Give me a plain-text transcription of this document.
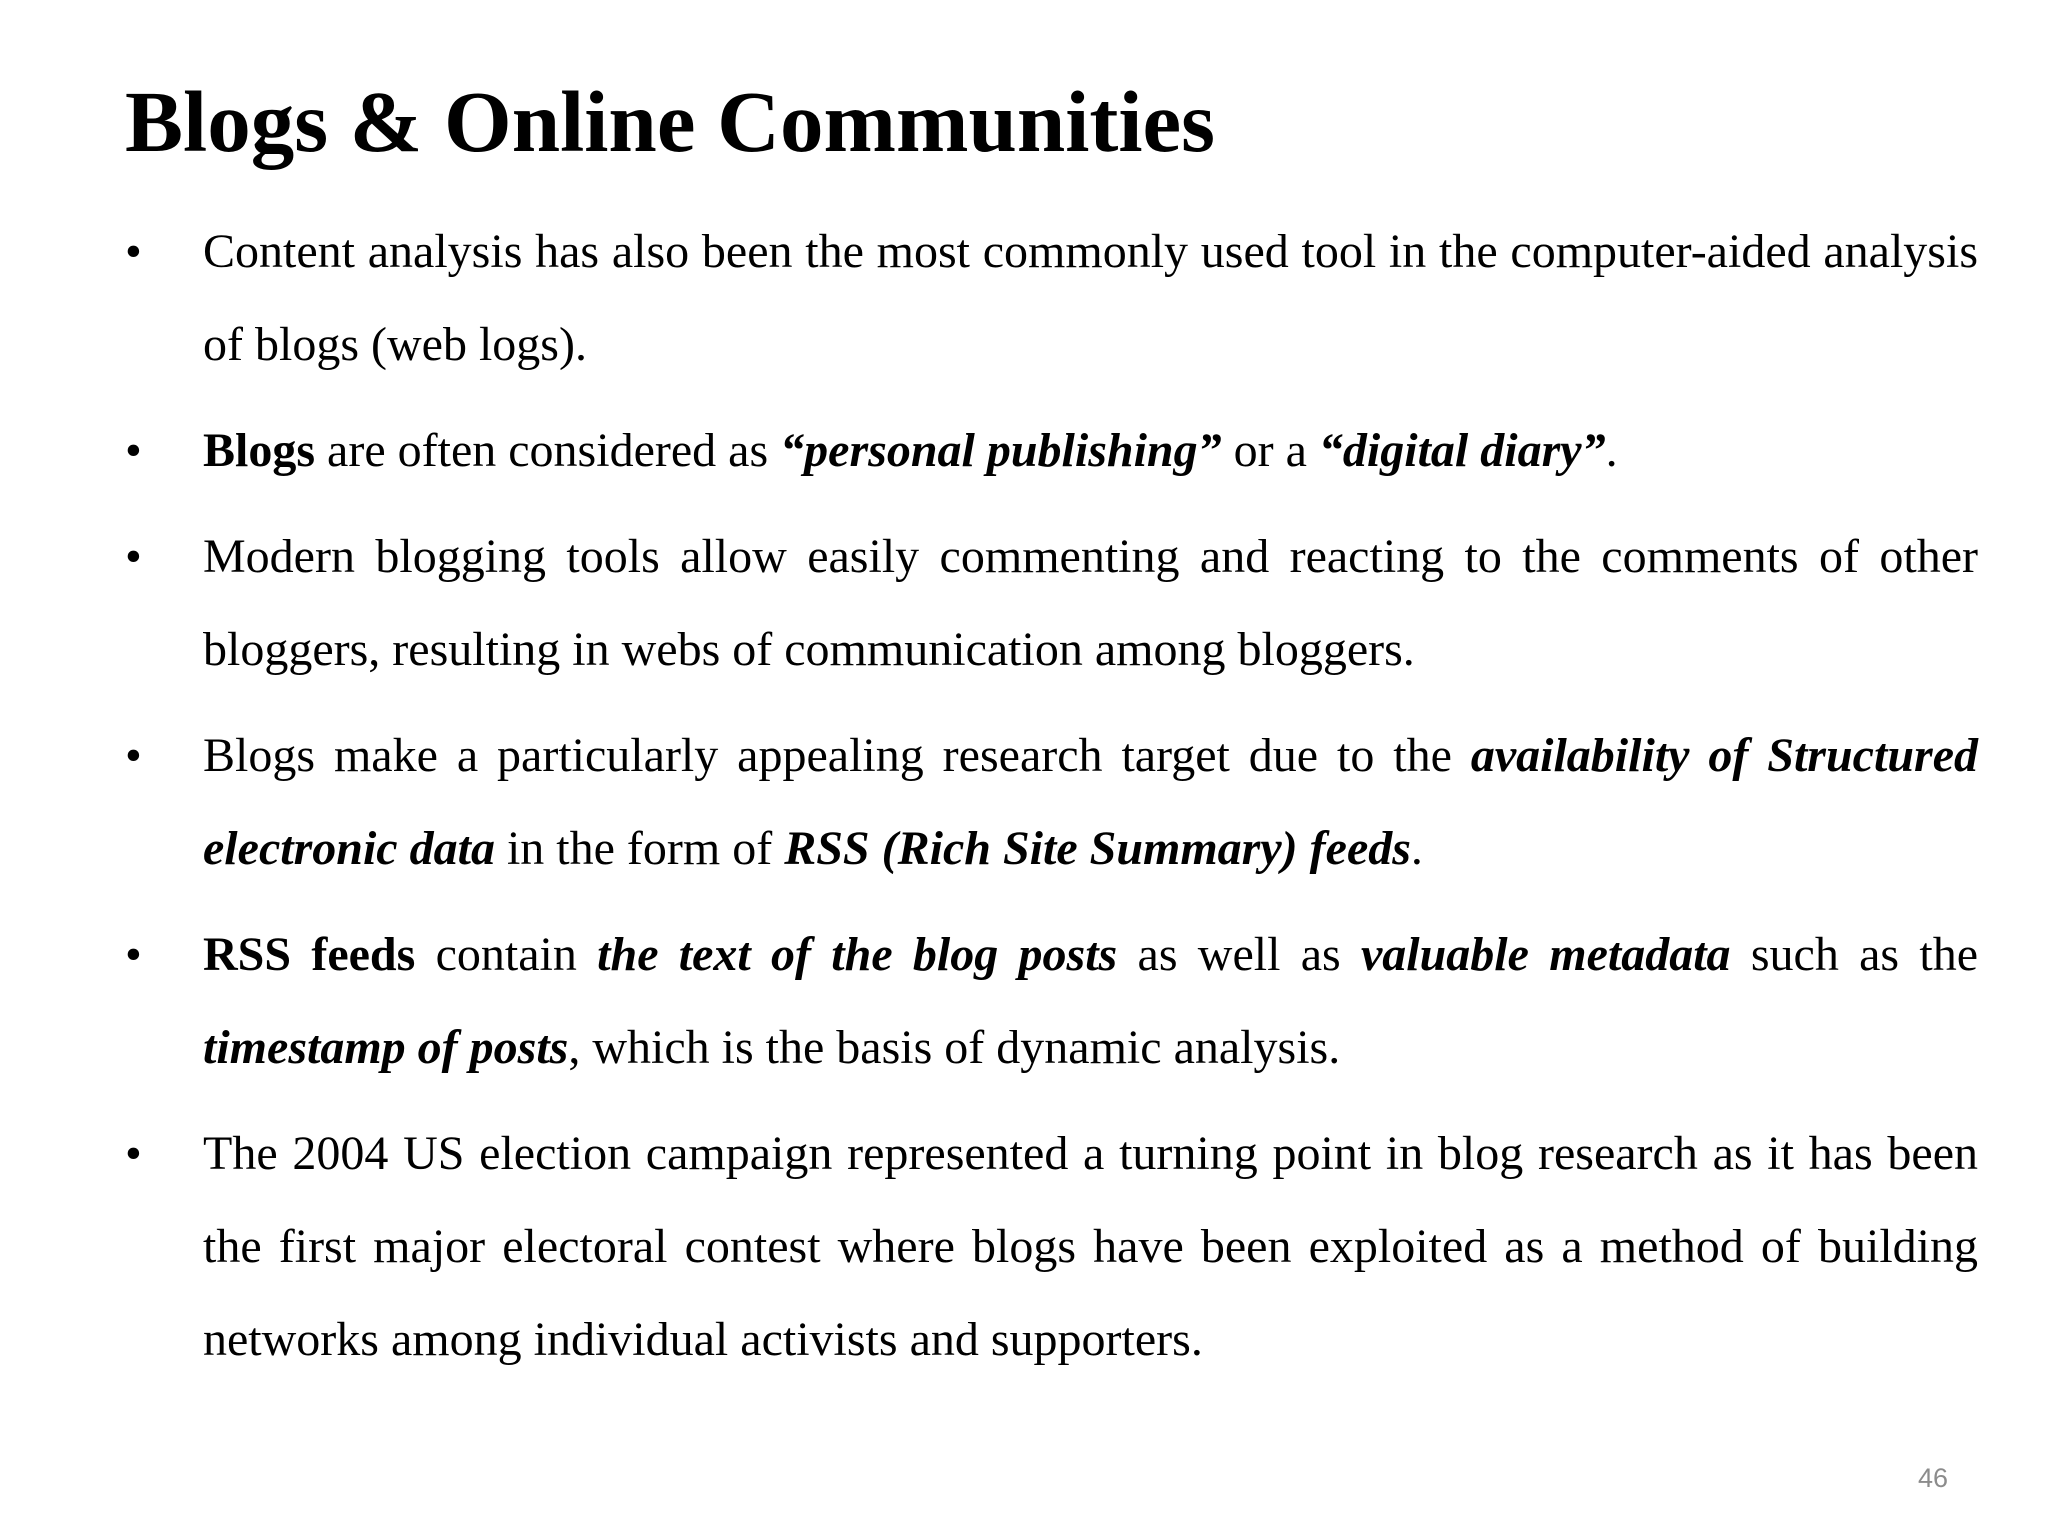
Blogs & Online Communities
• Content analysis has also been the most commonly used tool in the computer-aided analysis of blogs (web logs).
• Blogs are often considered as “personal publishing” or a “digital diary”.
• Modern blogging tools allow easily commenting and reacting to the comments of other bloggers, resulting in webs of communication among bloggers.
• Blogs make a particularly appealing research target due to the availability of Structured electronic data in the form of RSS (Rich Site Summary) feeds.
• RSS feeds contain the text of the blog posts as well as valuable metadata such as the timestamp of posts, which is the basis of dynamic analysis.
• The 2004 US election campaign represented a turning point in blog research as it has been the first major electoral contest where blogs have been exploited as a method of building networks among individual activists and supporters.
46
